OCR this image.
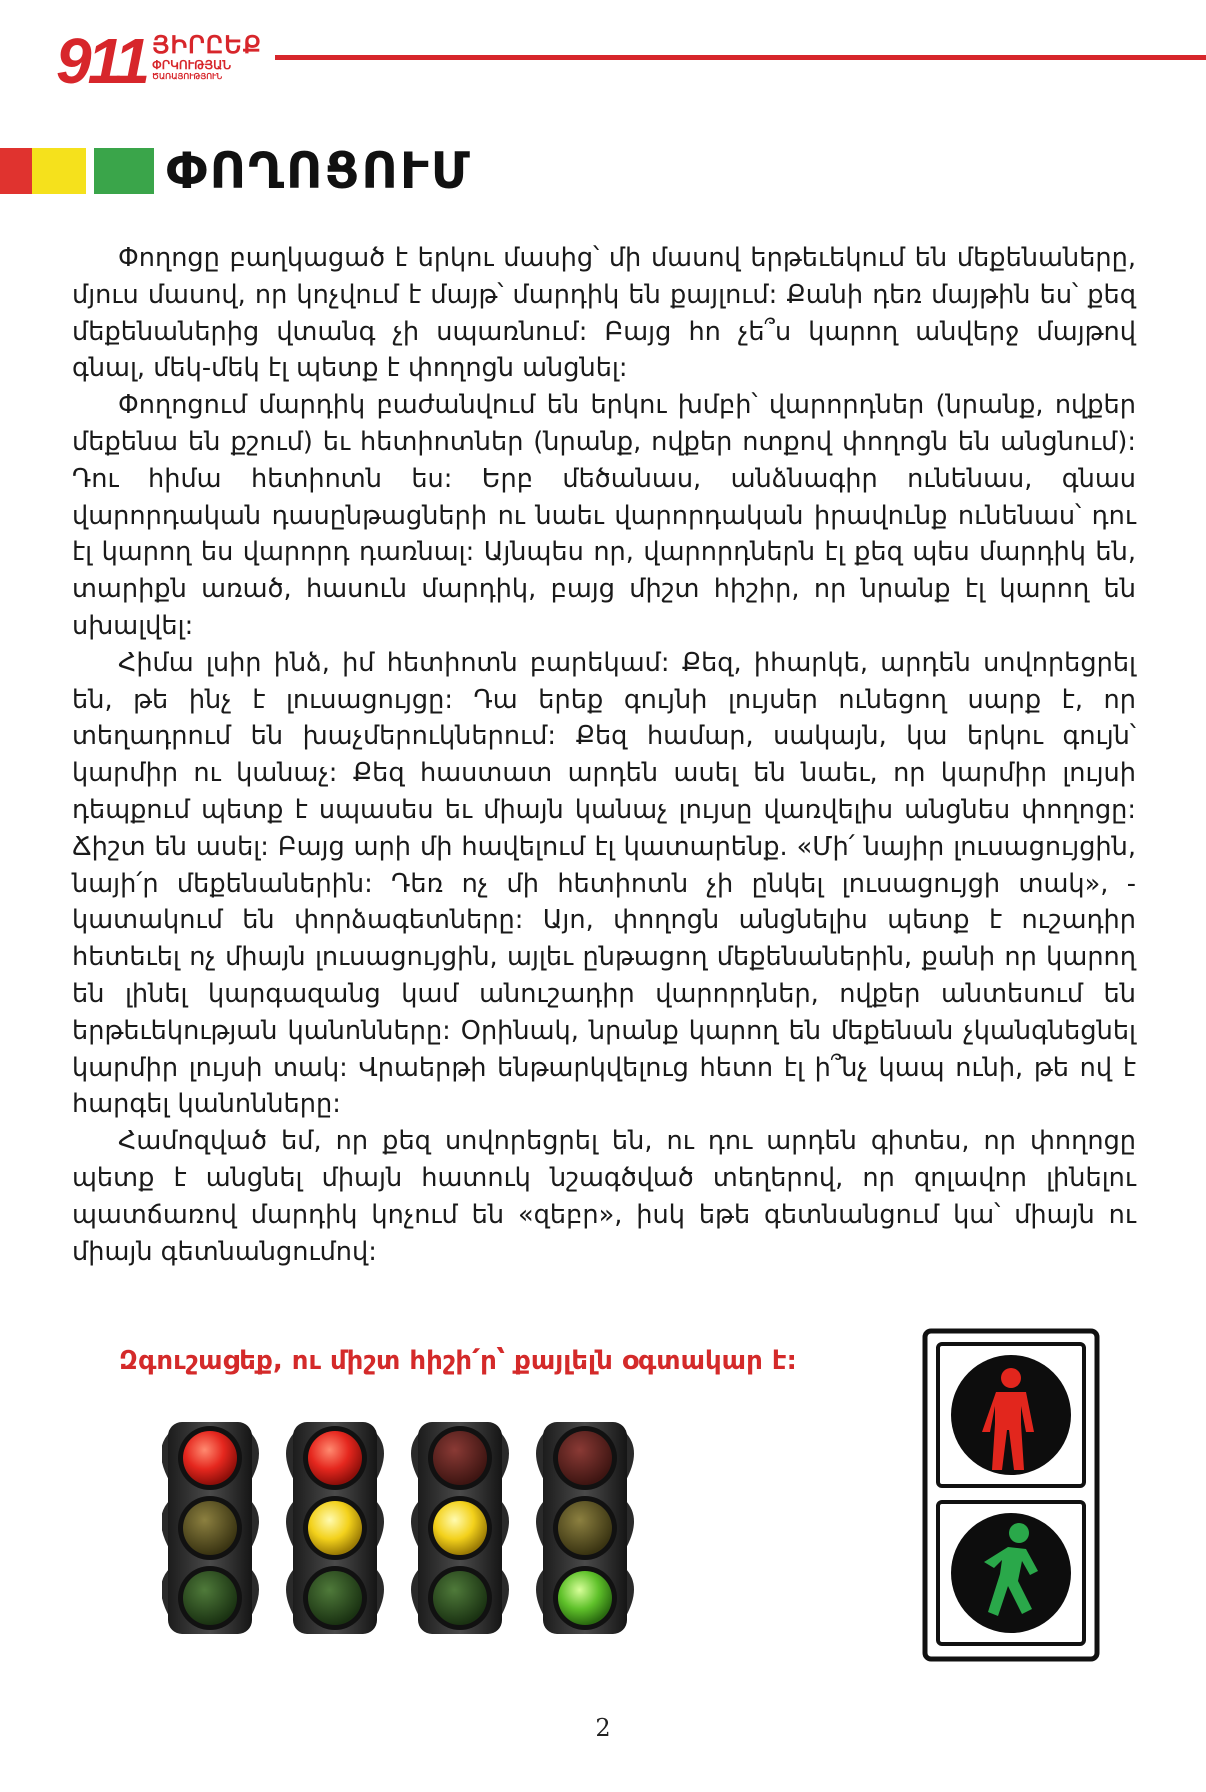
911 ՅԻՐԸԵՔ
ՓՐԿՈՒԹՅԱՆ
ԾԱՌԱՅՈՒԹՅՈՒՆ
ՓՈՂՈՑՈՒՄ

Փողոցը բաղկացած է երկու մասից՝ մի մասով երթեւեկում են մեքենաները, մյուս մասով, որ կոչվում է մայթ՝ մարդիկ են քայլում: Քանի դեռ մայթին ես՝ քեզ մեքենաներից վտանգ չի սպառնում: Բայց հո չե՞ս կարող անվերջ մայթով գնալ, մեկ-մեկ էլ պետք է փողոցն անցնել:

Փողոցում մարդիկ բաժանվում են երկու խմբի՝ վարորդներ (նրանք, ովքեր մեքենա են քշում) եւ հետիոտներ (նրանք, ովքեր ոտքով փողոցն են անցնում): Դու հիմա հետիոտն ես: Երբ մեծանաս, անձնագիր ունենաս, գնաս վարորդական դասընթացների ու նաեւ վարորդական իրավունք ունենաս՝ դու էլ կարող ես վարորդ դառնալ: Այնպես որ, վարորդներն էլ քեզ պես մարդիկ են, տարիքն առած, հասուն մարդիկ, բայց միշտ հիշիր, որ նրանք էլ կարող են սխալվել:

Հիմա լսիր ինձ, իմ հետիոտն բարեկամ: Քեզ, իհարկե, արդեն սովորեցրել են, թե ինչ է լուսացույցը: Դա երեք գույնի լույսեր ունեցող սարք է, որ տեղադրում են խաչմերուկներում: Քեզ համար, սակայն, կա երկու գույն՝ կարմիր ու կանաչ: Քեզ հաստատ արդեն ասել են նաեւ, որ կարմիր լույսի դեպքում պետք է սպասես եւ միայն կանաչ լույսը վառվելիս անցնես փողոցը: Ճիշտ են ասել: Բայց արի մի հավելում էլ կատարենք. «Մի՛ նայիր լուսացույցին, նայի՛ր մեքենաներին: Դեռ ոչ մի հետիոտն չի ընկել լուսացույցի տակ», - կատակում են փորձագետները: Այո, փողոցն անցնելիս պետք է ուշադիր հետեւել ոչ միայն լուսացույցին, այլեւ ընթացող մեքենաներին, քանի որ կարող են լինել կարգազանց կամ անուշադիր վարորդներ, ովքեր անտեսում են երթեւեկության կանոնները: Օրինակ, նրանք կարող են մեքենան չկանգնեցնել կարմիր լույսի տակ: Վրաերթի ենթարկվելուց հետո էլ ի՞նչ կապ ունի, թե ով է հարգել կանոնները:

Համոզված եմ, որ քեզ սովորեցրել են, ու դու արդեն գիտես, որ փողոցը պետք է անցնել միայն հատուկ նշագծված տեղերով, որ զոլավոր լինելու պատճառով մարդիկ կոչում են «զեբր», իսկ եթե գետնանցում կա՝ միայն ու միայն գետնանցումով:

Զգուշացեք, ու միշտ հիշի՛ր՝ քայլելն օգտակար է:
2
